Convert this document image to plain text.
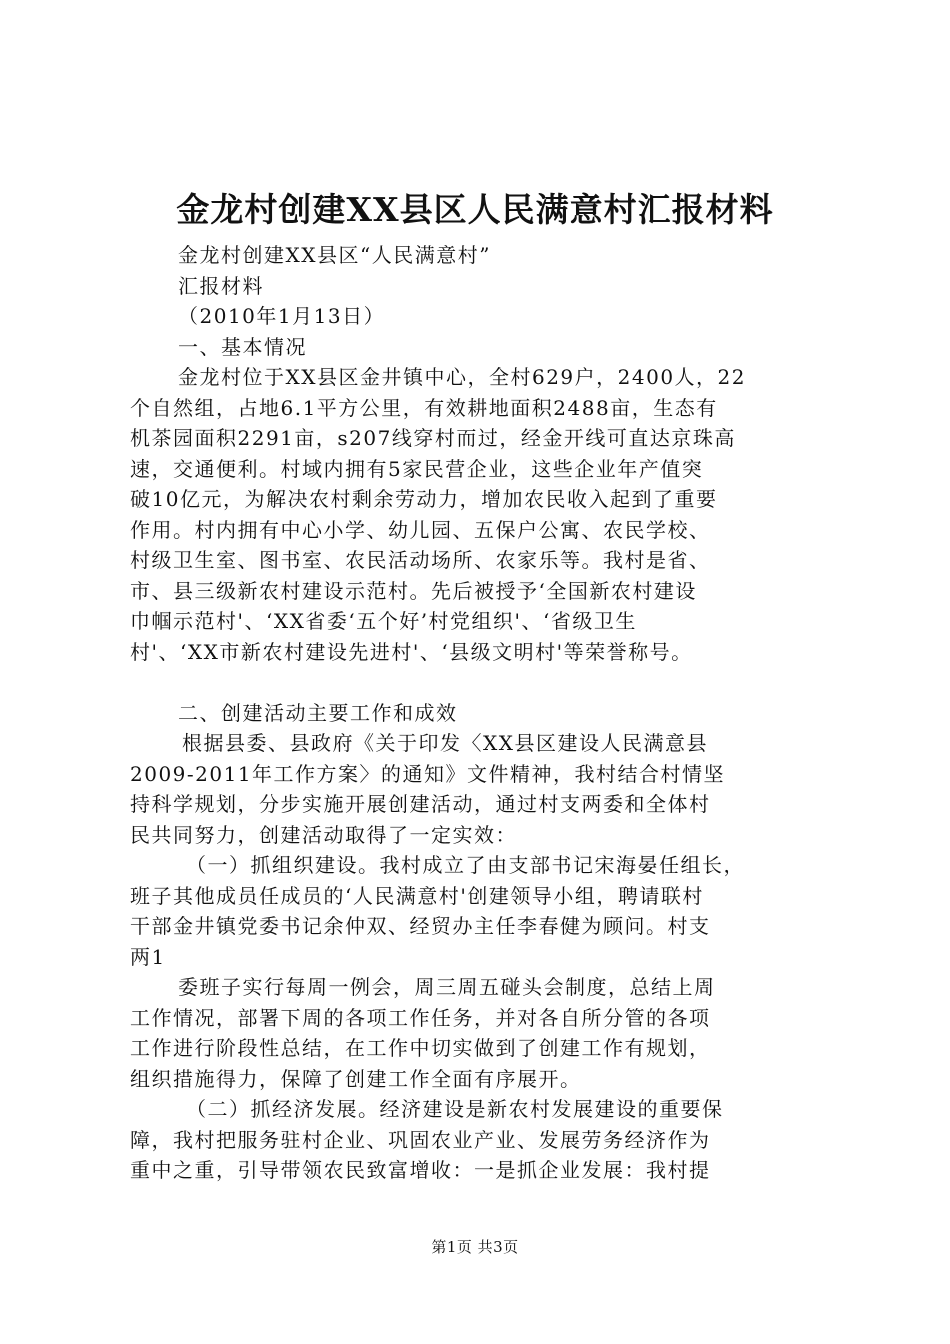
金龙村创建XX县区人民满意村汇报材料
金龙村创建XX县区“人民满意村”
汇报材料
（2010年1月13日）
一、基本情况
金龙村位于XX县区金井镇中心，全村629户，2400人，22
个自然组，占地6.1平方公里，有效耕地面积2488亩，生态有
机茶园面积2291亩，s207线穿村而过，经金开线可直达京珠高
速，交通便利。村域内拥有5家民营企业，这些企业年产值突
破10亿元，为解决农村剩余劳动力，增加农民收入起到了重要
作用。村内拥有中心小学、幼儿园、五保户公寓、农民学校、
村级卫生室、图书室、农民活动场所、农家乐等。我村是省、
市、县三级新农村建设示范村。先后被授予‘全国新农村建设
巾帼示范村'、‘XX省委‘五个好’村党组织'、‘省级卫生
村'、‘XX市新农村建设先进村'、‘县级文明村'等荣誉称号。
二、创建活动主要工作和成效
根据县委、县政府《关于印发〈XX县区建设人民满意县
2009-2011年工作方案〉的通知》文件精神，我村结合村情坚
持科学规划，分步实施开展创建活动，通过村支两委和全体村
民共同努力，创建活动取得了一定实效：
（一）抓组织建设。我村成立了由支部书记宋海晏任组长，
班子其他成员任成员的‘人民满意村'创建领导小组，聘请联村
干部金井镇党委书记余仲双、经贸办主任李春健为顾问。村支
两1
委班子实行每周一例会，周三周五碰头会制度，总结上周
工作情况，部署下周的各项工作任务，并对各自所分管的各项
工作进行阶段性总结，在工作中切实做到了创建工作有规划，
组织措施得力，保障了创建工作全面有序展开。
（二）抓经济发展。经济建设是新农村发展建设的重要保
障，我村把服务驻村企业、巩固农业产业、发展劳务经济作为
重中之重，引导带领农民致富增收：一是抓企业发展：我村提
第1页 共3页
